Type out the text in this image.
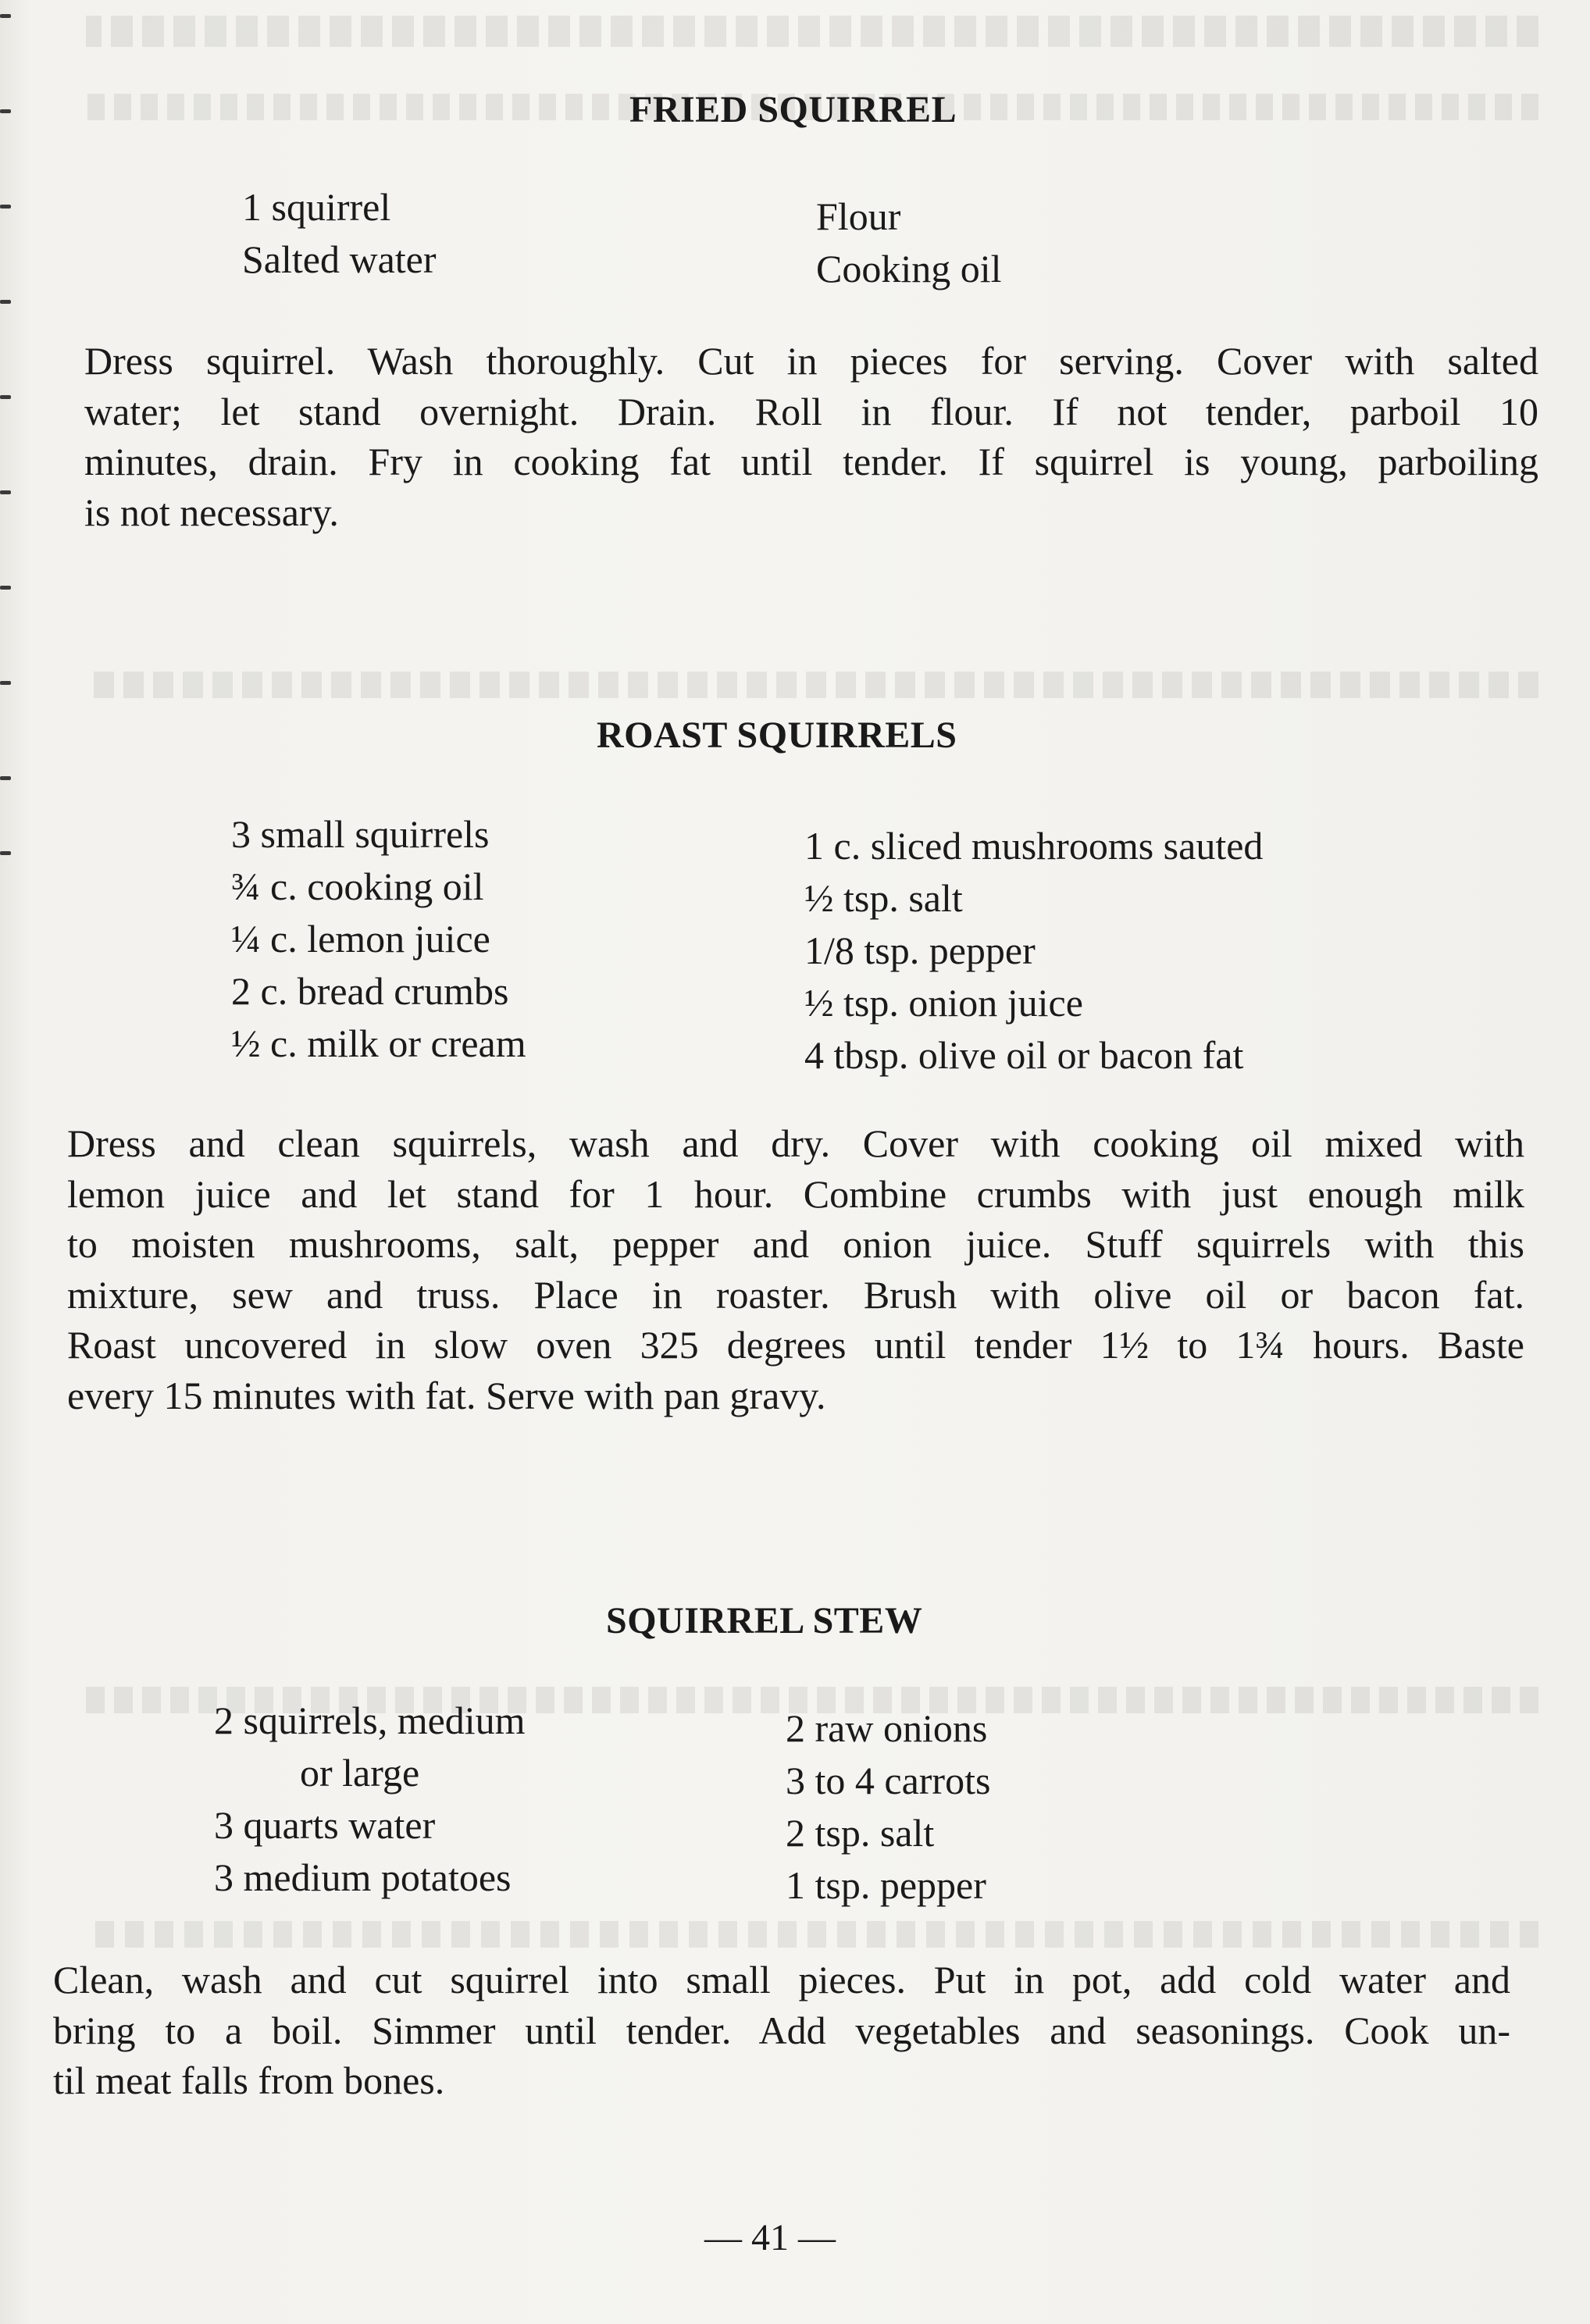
FRIED SQUIRREL
1 squirrel
Salted water
Flour
Cooking oil
Dress squirrel. Wash thoroughly. Cut in pieces for serving. Cover with salted
water; let stand overnight. Drain. Roll in flour. If not tender, parboil 10
minutes, drain. Fry in cooking fat until tender. If squirrel is young, parboiling
is not necessary.
ROAST SQUIRRELS
3 small squirrels
¾ c. cooking oil
¼ c. lemon juice
2 c. bread crumbs
½ c. milk or cream
1 c. sliced mushrooms sauted
½ tsp. salt
1/8 tsp. pepper
½ tsp. onion juice
4 tbsp. olive oil or bacon fat
Dress and clean squirrels, wash and dry. Cover with cooking oil mixed with
lemon juice and let stand for 1 hour. Combine crumbs with just enough milk
to moisten mushrooms, salt, pepper and onion juice. Stuff squirrels with this
mixture, sew and truss. Place in roaster. Brush with olive oil or bacon fat.
Roast uncovered in slow oven 325 degrees until tender 1½ to 1¾ hours. Baste
every 15 minutes with fat. Serve with pan gravy.
SQUIRREL STEW
2 squirrels, medium
or large
3 quarts water
3 medium potatoes
2 raw onions
3 to 4 carrots
2 tsp. salt
1 tsp. pepper
Clean, wash and cut squirrel into small pieces. Put in pot, add cold water and
bring to a boil. Simmer until tender. Add vegetables and seasonings. Cook un-
til meat falls from bones.
— 41 —
